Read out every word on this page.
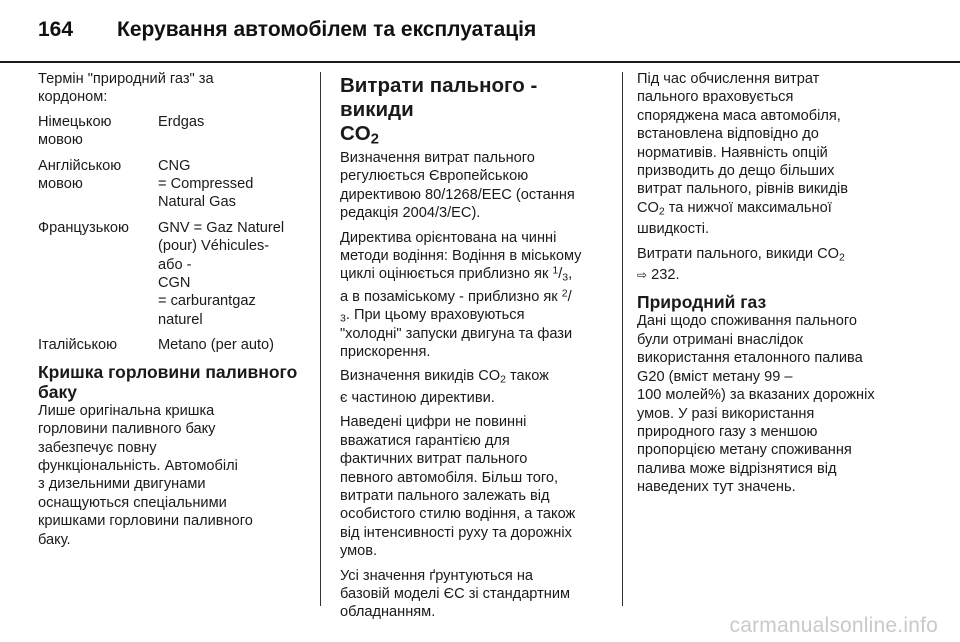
164 Керування автомобілем та експлуатація
Термін "природний газ" за
кордоном:
Німецькою
мовою
Erdgas
Англійською
мовою
CNG
= Compressed
Natural Gas
Французькою	GNV = Gaz Naturel
(pour) Véhicules-
або -
CGN
= carburantgaz
naturel
Італійською	Metano (per auto)
Кришка горловини паливного
баку
Лише оригінальна кришка
горловини паливного баку
забезпечує повну
функціональність. Автомобілі
з дизельними двигунами
оснащуються спеціальними
кришками горловини паливного
баку.
Витрати пального - викиди
$CO_2$
Визначення витрат пального
регулюється Європейською
директивою 80/1268/EEC (остання
редакція 2004/3/EC).
Директива орієнтована на чинні
методи водіння: Водіння в міському
циклі оцінюється приблизно як $^1/_3$,
а в позаміському - приблизно як $^2$/
$_3$. При цьому враховуються
"холодні" запуски двигуна та фази
прискорення.
Визначення викидів $CO_2$ також
є частиною директиви.
Наведені цифри не повинні
вважатися гарантією для
фактичних витрат пального
певного автомобіля. Більш того,
витрати пального залежать від
особистого стилю водіння, а також
від інтенсивності руху та дорожніх
умов.
Усі значення ґрунтуються на
базовій моделі ЄС зі стандартним
обладнанням.
Під час обчислення витрат
пального враховується
споряджена маса автомобіля,
встановлена відповідно до
нормативів. Наявність опцій
призводить до дещо більших
витрат пального, рівнів викидів
$CO_2$ та нижчої максимальної
швидкості.
Витрати пального, викиди $CO_2$
⇨ 232.
Природний газ
Дані щодо споживання пального
були отримані внаслідок
використання еталонного палива
G20 (вміст метану 99 –
100 молей%) за вказаних дорожніх
умов. У разі використання
природного газу з меншою
пропорцією метану споживання
палива може відрізнятися від
наведених тут значень.
carmanualsonline.info
